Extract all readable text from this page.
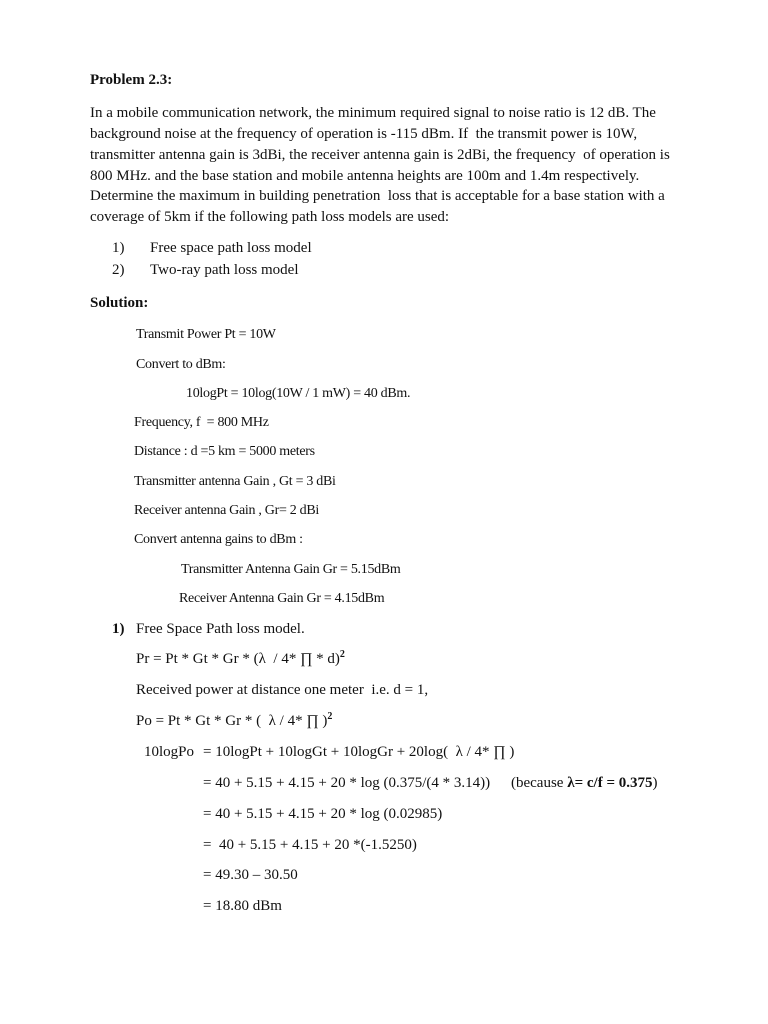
Problem 2.3:
In a mobile communication network, the minimum required signal to noise ratio is 12 dB. The
background noise at the frequency of operation is -115 dBm. If  the transmit power is 10W,
transmitter antenna gain is 3dBi, the receiver antenna gain is 2dBi, the frequency  of operation is
800 MHz. and the base station and mobile antenna heights are 100m and 1.4m respectively.
Determine the maximum in building penetration  loss that is acceptable for a base station with a
coverage of 5km if the following path loss models are used:
1) Free space path loss model
2) Two-ray path loss model
Solution:
Transmit Power Pt = 10W
Convert to dBm:
10logPt = 10log(10W / 1 mW) = 40 dBm.
Frequency, f  = 800 MHz
Distance : d =5 km = 5000 meters
Transmitter antenna Gain , Gt = 3 dBi
Receiver antenna Gain , Gr= 2 dBi
Convert antenna gains to dBm :
Transmitter Antenna Gain Gr = 5.15dBm
Receiver Antenna Gain Gr = 4.15dBm
1) Free Space Path loss model.
Pr = Pt * Gt * Gr * (λ  / 4* ∏ * d)$^2$
Received power at distance one meter  i.e. d = 1,
Po = Pt * Gt * Gr * (  λ / 4* ∏ )$^2$
10logPo = 10logPt + 10logGt + 10logGr + 20log(  λ / 4* ∏ )
= 40 + 5.15 + 4.15 + 20 * log (0.375/(4 * 3.14)) (because λ= c/f = 0.375)
= 40 + 5.15 + 4.15 + 20 * log (0.02985)
=  40 + 5.15 + 4.15 + 20 *(-1.5250)
= 49.30 – 30.50
= 18.80 dBm
